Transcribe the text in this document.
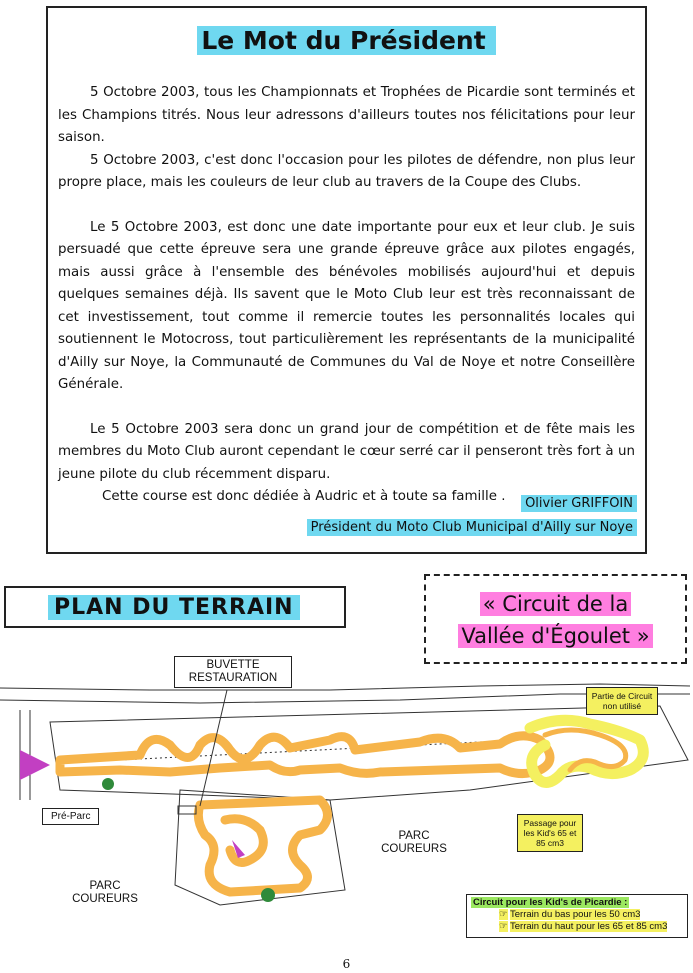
Le Mot du Président

5 Octobre 2003, tous les Championnats et Trophées de Picardie sont terminés et les Champions titrés. Nous leur adressons d'ailleurs toutes nos félicitations pour leur saison.

5 Octobre 2003, c'est donc l'occasion pour les pilotes de défendre, non plus leur propre place, mais les couleurs de leur club au travers de la Coupe des Clubs.

Le 5 Octobre 2003, est donc une date importante pour eux et leur club. Je suis persuadé que cette épreuve sera une grande épreuve grâce aux pilotes engagés, mais aussi grâce à l'ensemble des bénévoles mobilisés aujourd'hui et depuis quelques semaines déjà. Ils savent que le Moto Club leur est très reconnaissant de cet investissement, tout comme il remercie toutes les personnalités locales qui soutiennent le Motocross, tout particulièrement les représentants de la municipalité d'Ailly sur Noye, la Communauté de Communes du Val de Noye et notre Conseillère Générale.

Le 5 Octobre 2003 sera donc un grand jour de compétition et de fête mais les membres du Moto Club auront cependant le cœur serré car il penseront très fort à un jeune pilote du club récemment disparu.

Cette course est donc dédiée à Audric et à toute sa famille .	Olivier GRIFFOIN
Président du Moto Club Municipal d'Ailly sur Noye
PLAN DU TERRAIN	« Circuit de la
Vallée d'Égoulet »
BUVETTE
RESTAURATION
Pré-Parc
PARC
COUREURS
PARC
COUREURS
Passage pour les Kid's 65 et 85 cm3
Partie de Circuit non utilisé
Circuit pour les Kid's de Picardie :
☞ Terrain du bas pour les 50 cm3
☞ Terrain du haut pour les 65 et 85 cm3
6
